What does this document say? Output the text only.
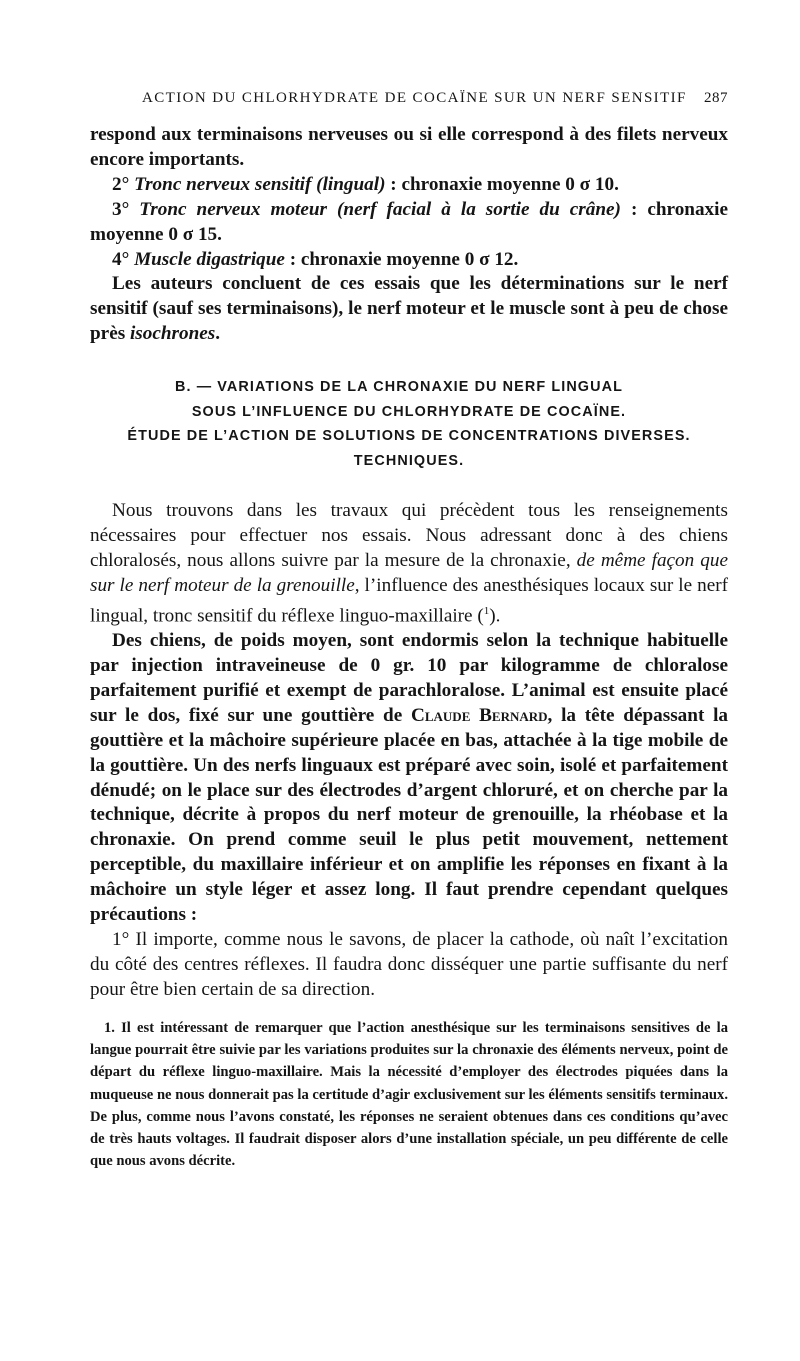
ACTION DU CHLORHYDRATE DE COCAÏNE SUR UN NERF SENSITIF 287

respond aux terminaisons nerveuses ou si elle correspond à des filets nerveux encore importants.

2° Tronc nerveux sensitif (lingual) : chronaxie moyenne 0 σ 10.

3° Tronc nerveux moteur (nerf facial à la sortie du crâne) : chronaxie moyenne 0 σ 15.

4° Muscle digastrique : chronaxie moyenne 0 σ 12.

Les auteurs concluent de ces essais que les déterminations sur le nerf sensitif (sauf ses terminaisons), le nerf moteur et le muscle sont à peu de chose près isochrones.

B. — VARIATIONS DE LA CHRONAXIE DU NERF LINGUAL

SOUS L’INFLUENCE DU CHLORHYDRATE DE COCAÏNE.

ÉTUDE DE L’ACTION DE SOLUTIONS DE CONCENTRATIONS DIVERSES.

TECHNIQUES.

Nous trouvons dans les travaux qui précèdent tous les renseignements nécessaires pour effectuer nos essais. Nous adressant donc à des chiens chloralosés, nous allons suivre par la mesure de la chronaxie, de même façon que sur le nerf moteur de la grenouille, l’influence des anesthésiques locaux sur le nerf lingual, tronc sensitif du réflexe linguo-maxillaire ($^1$).

Des chiens, de poids moyen, sont endormis selon la technique habituelle par injection intraveineuse de 0 gr. 10 par kilogramme de chloralose parfaitement purifié et exempt de parachloralose. L’animal est ensuite placé sur le dos, fixé sur une gouttière de Claude Bernard, la tête dépassant la gouttière et la mâchoire supérieure placée en bas, attachée à la tige mobile de la gouttière. Un des nerfs linguaux est préparé avec soin, isolé et parfaitement dénudé; on le place sur des électrodes d’argent chloruré, et on cherche par la technique, décrite à propos du nerf moteur de grenouille, la rhéobase et la chronaxie. On prend comme seuil le plus petit mouvement, nettement perceptible, du maxillaire inférieur et on amplifie les réponses en fixant à la mâchoire un style léger et assez long. Il faut prendre cependant quelques précautions :

1° Il importe, comme nous le savons, de placer la cathode, où naît l’excitation du côté des centres réflexes. Il faudra donc disséquer une partie suffisante du nerf pour être bien certain de sa direction.

1. Il est intéressant de remarquer que l’action anesthésique sur les terminaisons sensitives de la langue pourrait être suivie par les variations produites sur la chronaxie des éléments nerveux, point de départ du réflexe linguo-maxillaire. Mais la nécessité d’employer des électrodes piquées dans la muqueuse ne nous donnerait pas la certitude d’agir exclusivement sur les éléments sensitifs terminaux. De plus, comme nous l’avons constaté, les réponses ne seraient obtenues dans ces conditions qu’avec de très hauts voltages. Il faudrait disposer alors d’une installation spéciale, un peu différente de celle que nous avons décrite.
